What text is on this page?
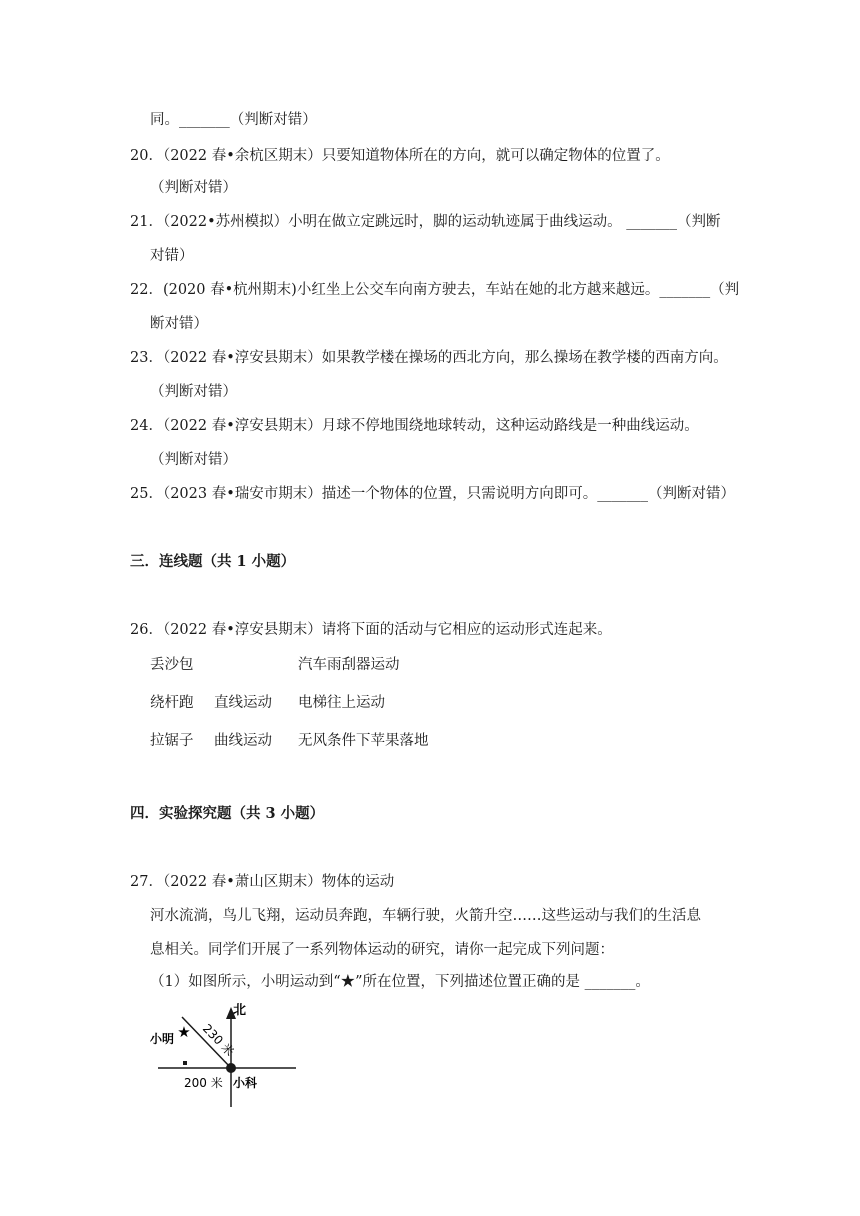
同。_______（判断对错）
20．（2022 春•余杭区期末）只要知道物体所在的方向，就可以确定物体的位置了。
（判断对错）
21．（2022•苏州模拟）小明在做立定跳远时，脚的运动轨迹属于曲线运动。 _______（判断
对错）
22．(2020 春•杭州期末)小红坐上公交车向南方驶去，车站在她的北方越来越远。_______（判
断对错）
23．（2022 春•淳安县期末）如果教学楼在操场的西北方向，那么操场在教学楼的西南方向。
（判断对错）
24．（2022 春•淳安县期末）月球不停地围绕地球转动，这种运动路线是一种曲线运动。
（判断对错）
25．（2023 春•瑞安市期末）描述一个物体的位置，只需说明方向即可。_______（判断对错）
三．连线题（共 1 小题）
26．（2022 春•淳安县期末）请将下面的活动与它相应的运动形式连起来。
丢沙包	汽车雨刮器运动
绕杆跑 直线运动 电梯往上运动
拉锯子 曲线运动 无风条件下苹果落地
四．实验探究题（共 3 小题）
27．（2022 春•萧山区期末）物体的运动
河水流淌，鸟儿飞翔，运动员奔跑，车辆行驶，火箭升空……这些运动与我们的生活息
息相关。同学们开展了一系列物体运动的研究，请你一起完成下列问题：
（1）如图所示，小明运动到“★”所在位置，下列描述位置正确的是 _______。
★
北
小明
小科
200 米
230 米
